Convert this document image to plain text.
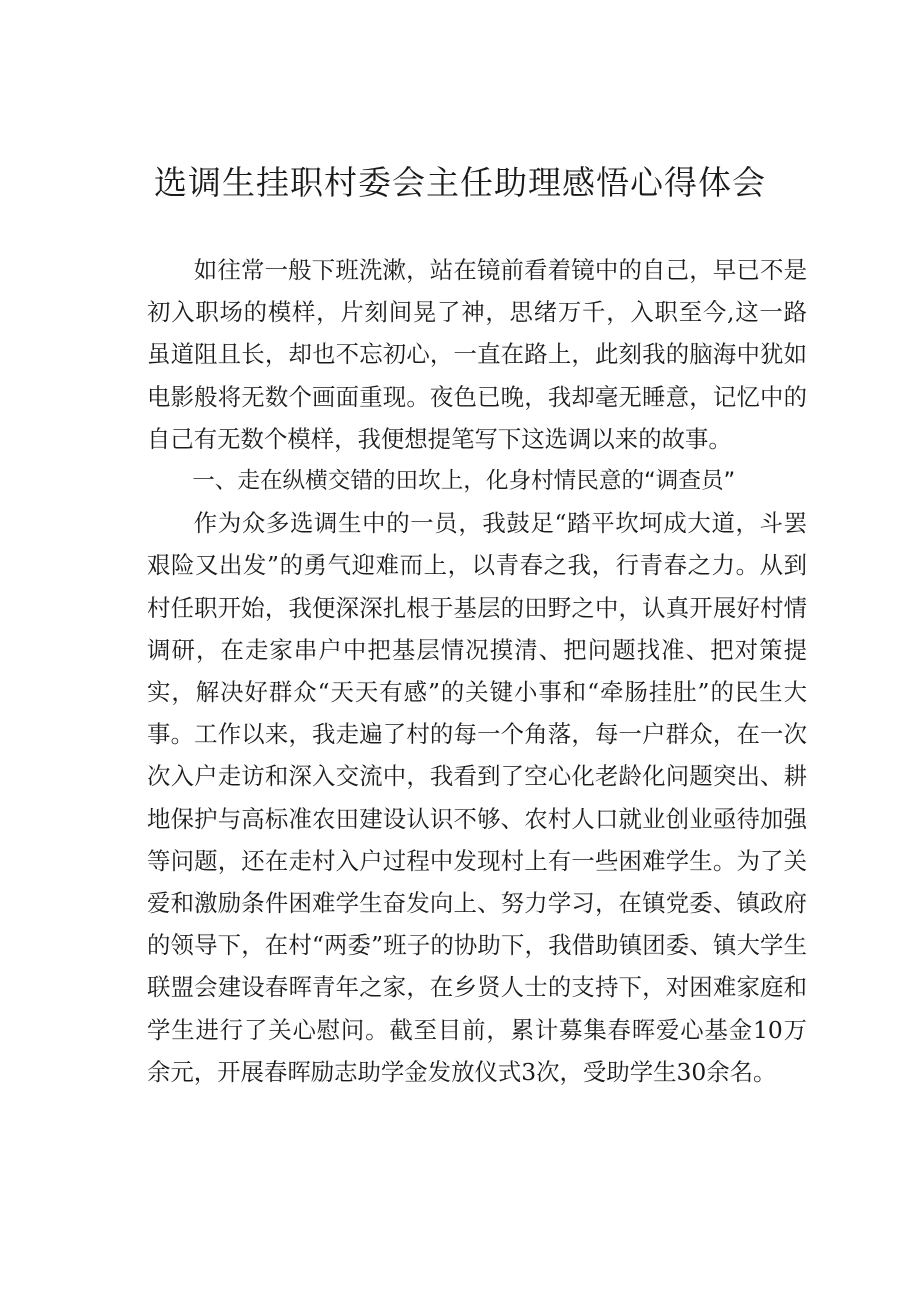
选调生挂职村委会主任助理感悟心得体会

如往常一般下班洗漱，站在镜前看着镜中的自己，早已不是初入职场的模样，片刻间晃了神，思绪万千，入职至今,这一路虽道阻且长，却也不忘初心，一直在路上，此刻我的脑海中犹如电影般将无数个画面重现。夜色已晚，我却毫无睡意，记忆中的自己有无数个模样，我便想提笔写下这选调以来的故事。

一、走在纵横交错的田坎上，化身村情民意的“调查员”

作为众多选调生中的一员，我鼓足“踏平坎坷成大道，斗罢艰险又出发”的勇气迎难而上，以青春之我，行青春之力。从到村任职开始，我便深深扎根于基层的田野之中，认真开展好村情调研，在走家串户中把基层情况摸清、把问题找准、把对策提实，解决好群众“天天有感”的关键小事和“牵肠挂肚”的民生大事。工作以来，我走遍了村的每一个角落，每一户群众，在一次次入户走访和深入交流中，我看到了空心化老龄化问题突出、耕地保护与高标准农田建设认识不够、农村人口就业创业亟待加强等问题，还在走村入户过程中发现村上有一些困难学生。为了关爱和激励条件困难学生奋发向上、努力学习，在镇党委、镇政府的领导下，在村“两委”班子的协助下，我借助镇团委、镇大学生联盟会建设春晖青年之家，在乡贤人士的支持下，对困难家庭和学生进行了关心慰问。截至目前，累计募集春晖爱心基金10万余元，开展春晖励志助学金发放仪式3次，受助学生30余名。
